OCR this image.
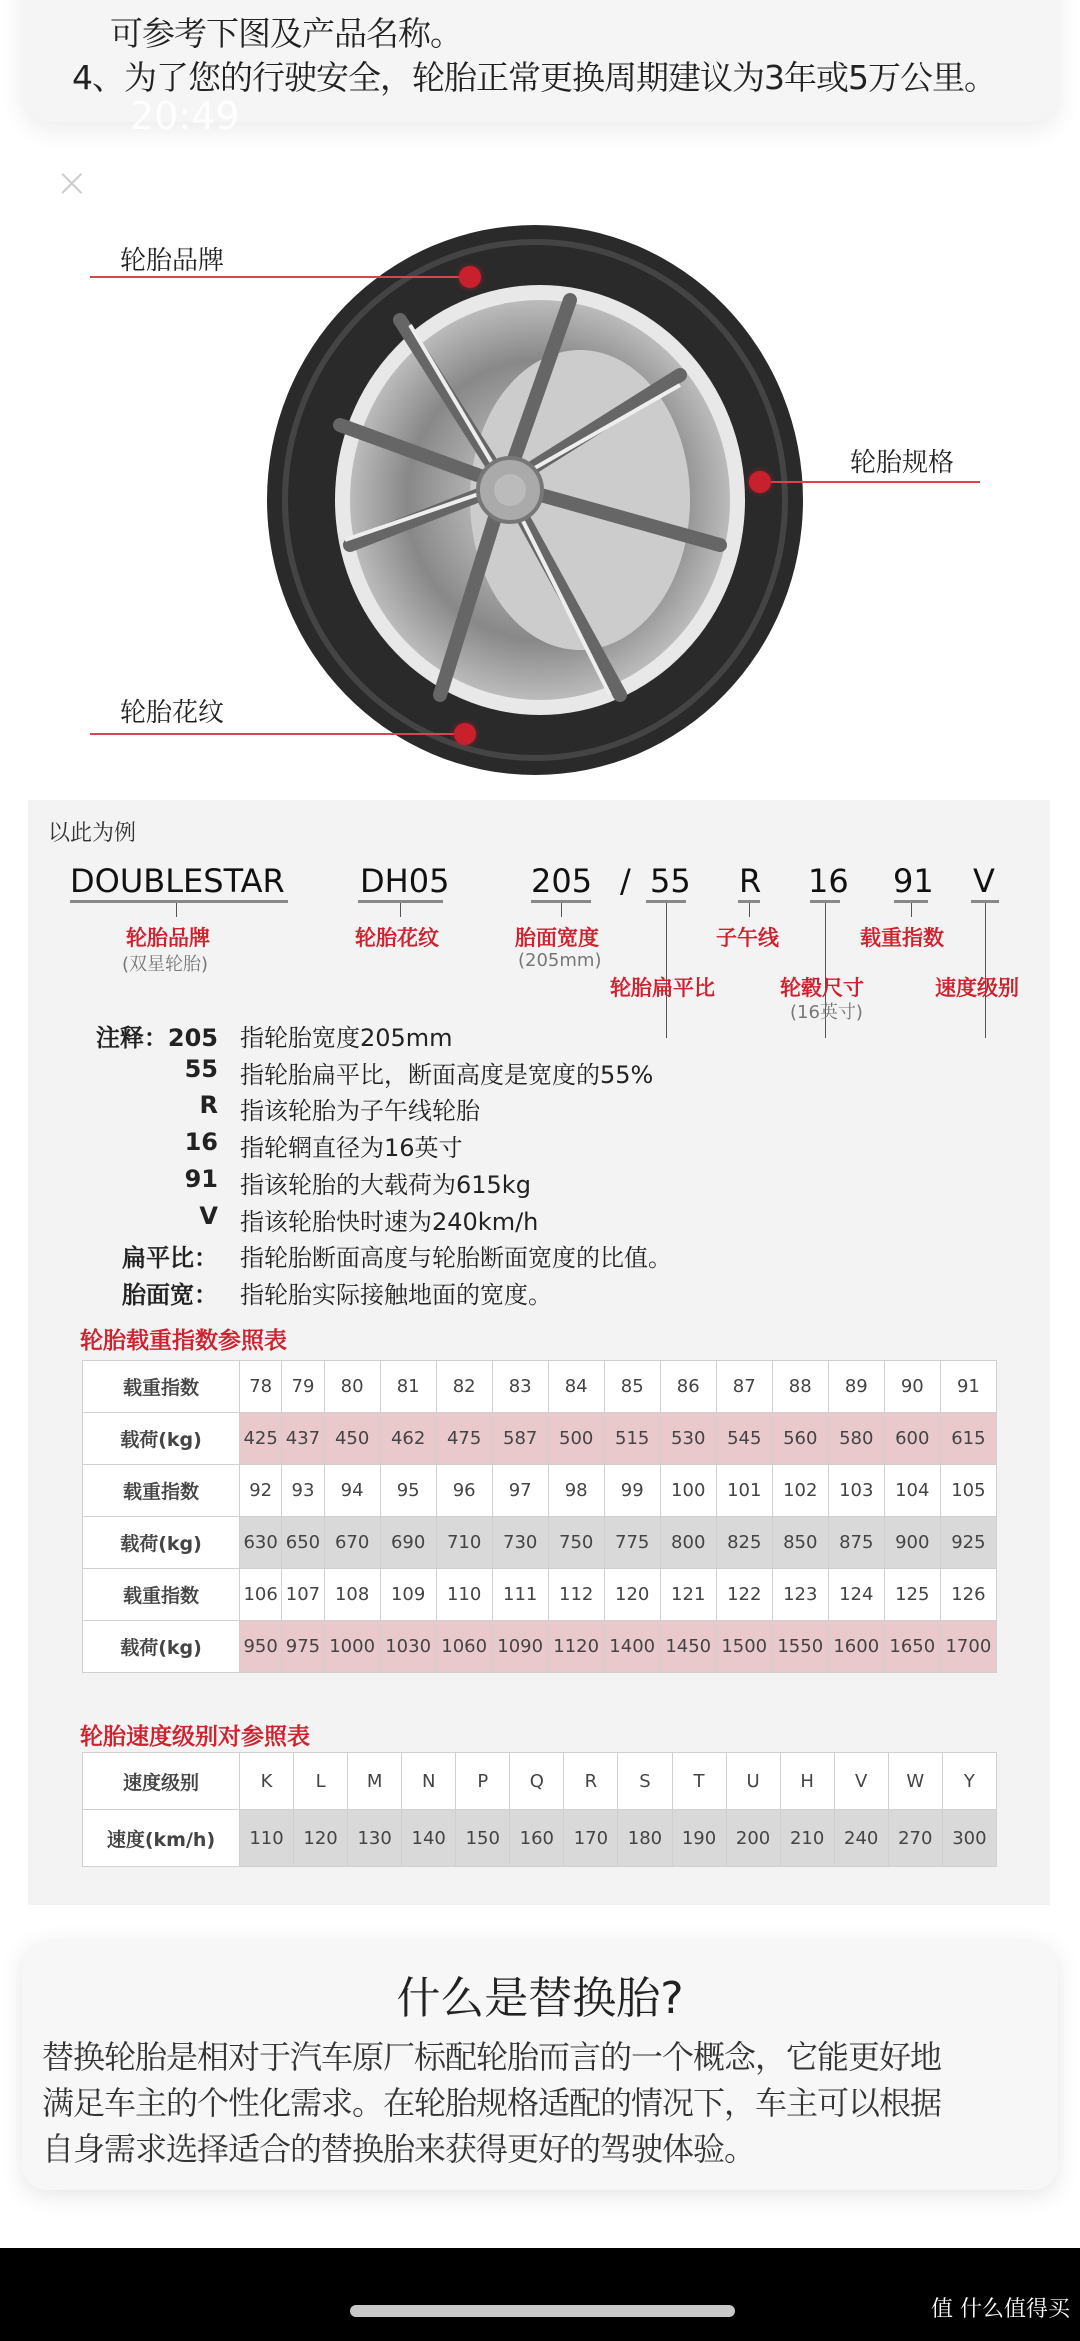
可参考下图及产品名称。
4、为了您的行驶安全，轮胎正常更换周期建议为3年或5万公里。
20:49
×
轮胎品牌
轮胎规格
轮胎花纹
以此为例
DOUBLESTAR DH05	205 / 55 R 16 91 V
轮胎品牌
(双星轮胎)
轮胎花纹	胎面宽度
(205mm)
子午线	载重指数
轮胎扁平比	轮毂尺寸
(16英寸)
速度级别
注释：205 指轮胎宽度205mm
55 指轮胎扁平比，断面高度是宽度的55%
R 指该轮胎为子午线轮胎
16 指轮辋直径为16英寸
91 指该轮胎的大载荷为615kg
V 指该轮胎快时速为240km/h
扁平比： 指轮胎断面高度与轮胎断面宽度的比值。
胎面宽： 指轮胎实际接触地面的宽度。
轮胎载重指数参照表
载重指数	78	79	80	81	82	83	84	85	86	87	88	89	90	91
载荷(kg)	425	437	450	462	475	587	500	515	530	545	560	580	600	615
载重指数	92	93	94	95	96	97	98	99	100	101	102	103	104	105
载荷(kg)	630	650	670	690	710	730	750	775	800	825	850	875	900	925
载重指数	106	107	108	109	110	111	112	120	121	122	123	124	125	126
载荷(kg)	950	975	1000	1030	1060	1090	1120	1400	1450	1500	1550	1600	1650	1700
轮胎速度级别对参照表
速度级别	K	L	M	N	P	Q	R	S	T	U	H	V	W	Y
速度(km/h)	110	120	130	140	150	160	170	180	190	200	210	240	270	300
什么是替换胎?
替换轮胎是相对于汽车原厂标配轮胎而言的一个概念，它能更好地
满足车主的个性化需求。在轮胎规格适配的情况下，车主可以根据
自身需求选择适合的替换胎来获得更好的驾驶体验。
值 什么值得买
